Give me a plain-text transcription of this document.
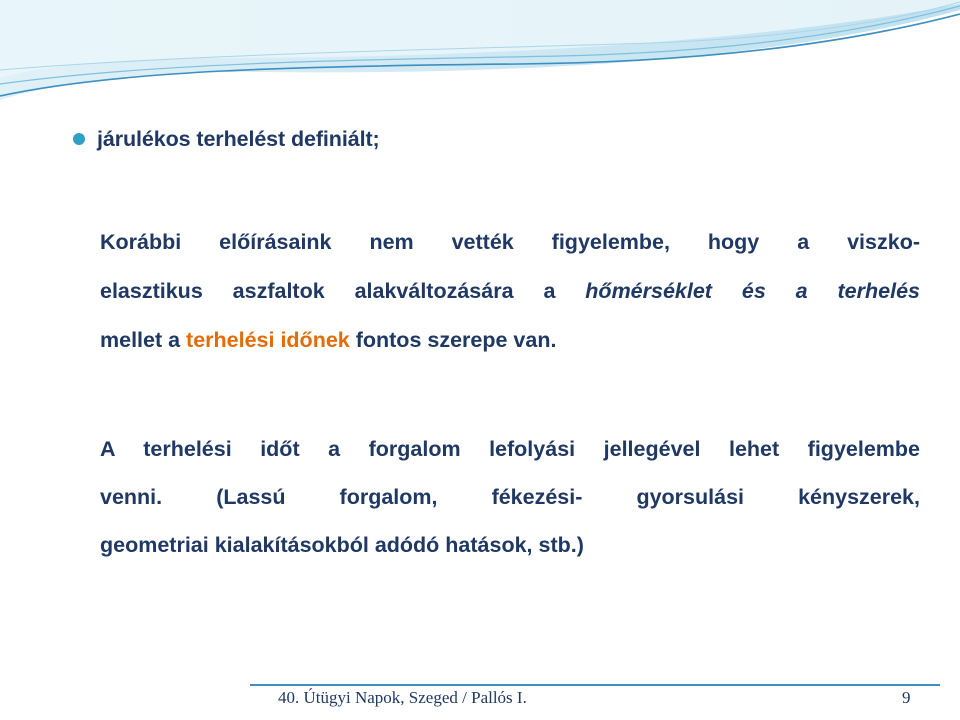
járulékos terhelést definiált;
Korábbi előírásaink nem vették figyelembe, hogy a viszko-
elasztikus aszfaltok alakváltozására a hőmérséklet és a terhelés
mellet a terhelési időnek fontos szerepe van.
A terhelési időt a forgalom lefolyási jellegével lehet figyelembe
venni. (Lassú forgalom, fékezési- gyorsulási kényszerek,
geometriai kialakításokból adódó hatások, stb.)
40. Útügyi Napok, Szeged / Pallós I.	9
